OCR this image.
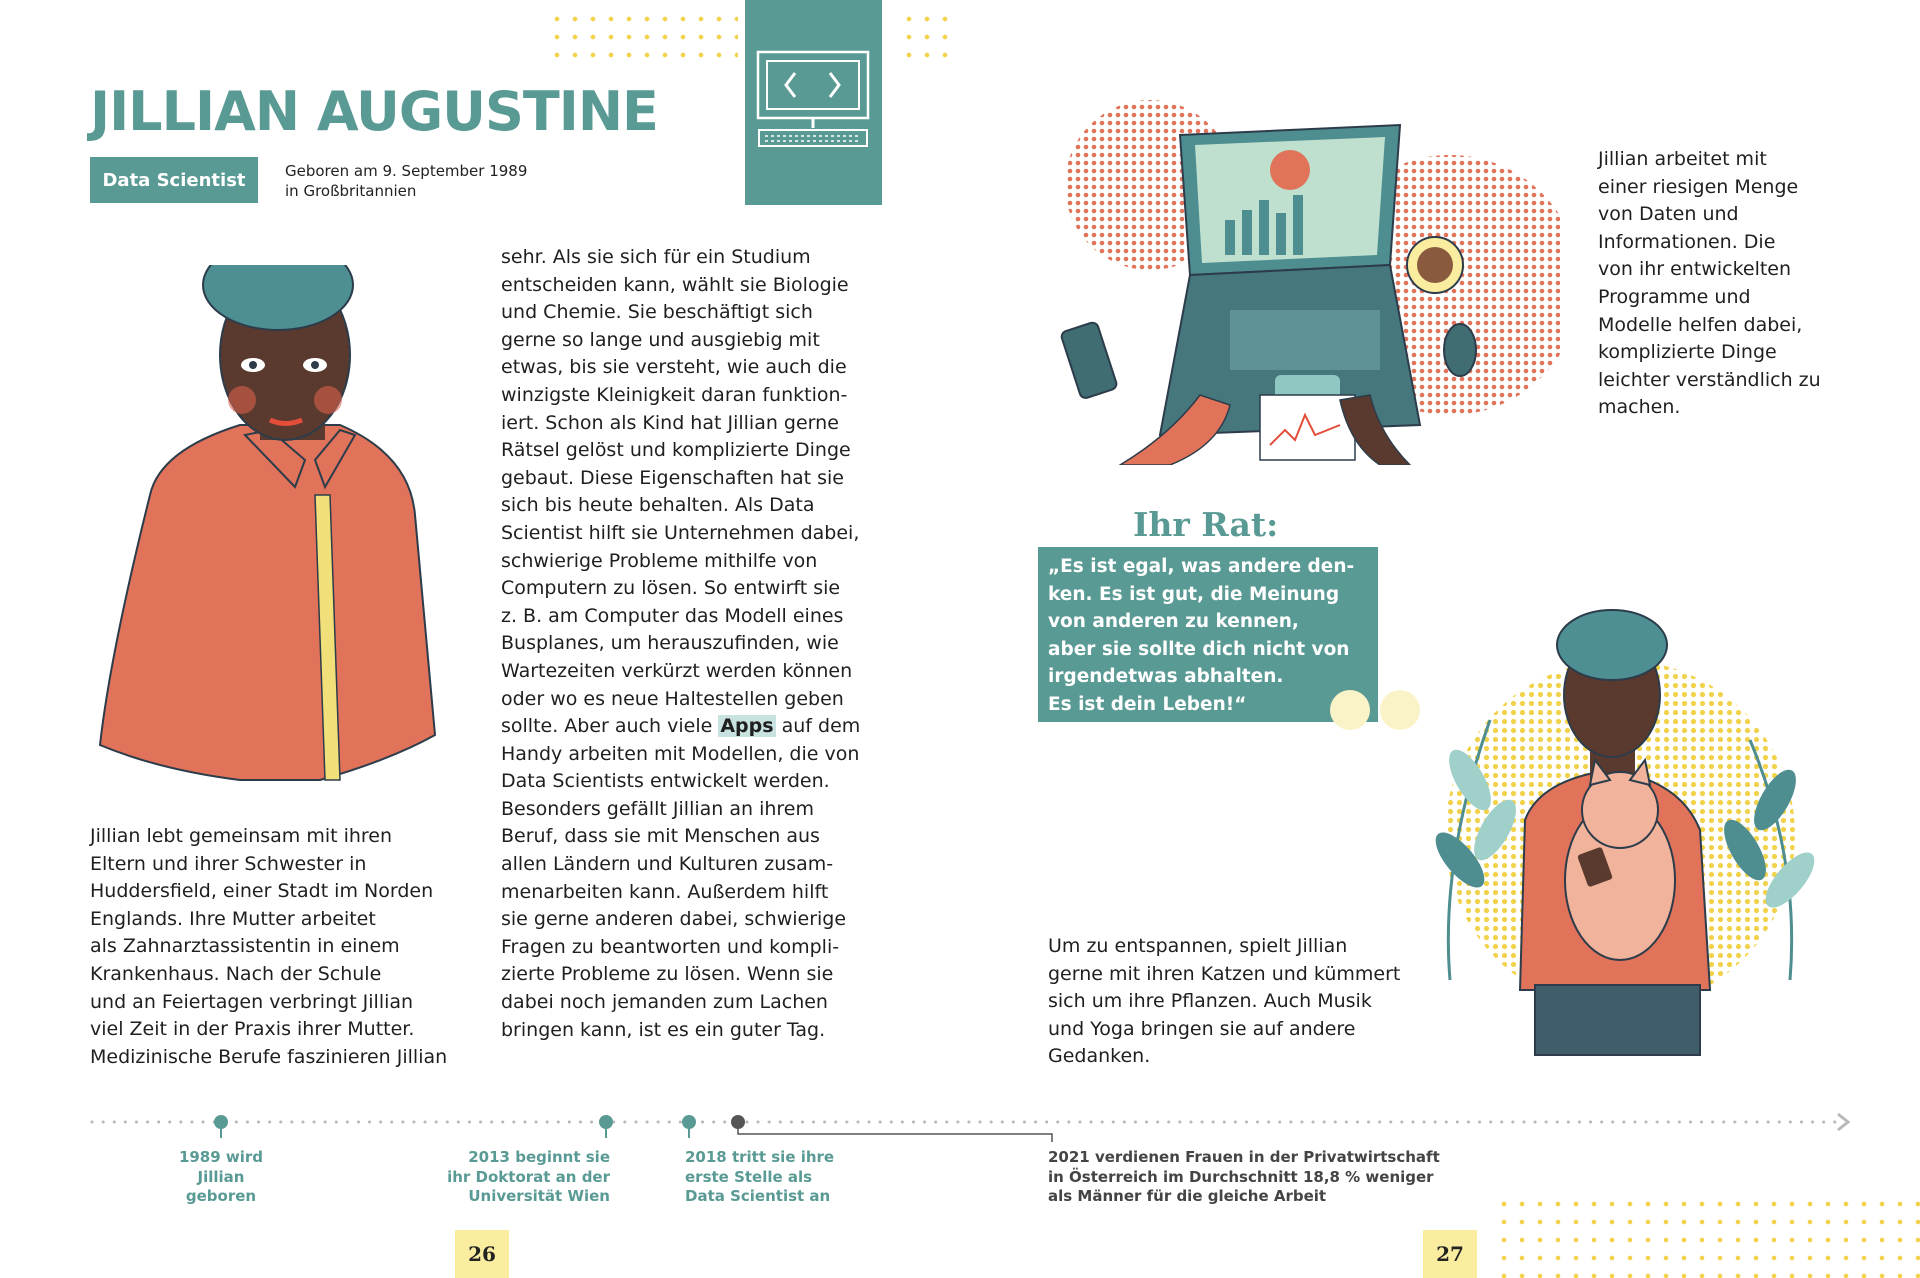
JILLIAN AUGUSTINE
Data Scientist	Geboren am 9. September 1989
in Großbritannien
Jillian lebt gemeinsam mit ihren
Eltern und ihrer Schwester in
Huddersfield, einer Stadt im Norden
Englands. Ihre Mutter arbeitet
als Zahnarztassistentin in einem
Krankenhaus. Nach der Schule
und an Feiertagen verbringt Jillian
viel Zeit in der Praxis ihrer Mutter.
Medizinische Berufe faszinieren Jillian
sehr. Als sie sich für ein Studium
entscheiden kann, wählt sie Biologie
und Chemie. Sie beschäftigt sich
gerne so lange und ausgiebig mit
etwas, bis sie versteht, wie auch die
winzigste Kleinigkeit daran funktion-
iert. Schon als Kind hat Jillian gerne
Rätsel gelöst und komplizierte Dinge
gebaut. Diese Eigenschaften hat sie
sich bis heute behalten. Als Data
Scientist hilft sie Unternehmen dabei,
schwierige Probleme mithilfe von
Computern zu lösen. So entwirft sie
z. B. am Computer das Modell eines
Busplanes, um herauszufinden, wie
Wartezeiten verkürzt werden können
oder wo es neue Haltestellen geben
sollte. Aber auch viele Apps auf dem
Handy arbeiten mit Modellen, die von
Data Scientists entwickelt werden.
Besonders gefällt Jillian an ihrem
Beruf, dass sie mit Menschen aus
allen Ländern und Kulturen zusam-
menarbeiten kann. Außerdem hilft
sie gerne anderen dabei, schwierige
Fragen zu beantworten und kompli-
zierte Probleme zu lösen. Wenn sie
dabei noch jemanden zum Lachen
bringen kann, ist es ein guter Tag.
Jillian arbeitet mit
einer riesigen Menge
von Daten und
Informationen. Die
von ihr entwickelten
Programme und
Modelle helfen dabei,
komplizierte Dinge
leichter verständlich zu
machen.
Ihr Rat:
„Es ist egal, was andere den-
ken. Es ist gut, die Meinung
von anderen zu kennen,
aber sie sollte dich nicht von
irgendetwas abhalten.
Es ist dein Leben!“
Um zu entspannen, spielt Jillian
gerne mit ihren Katzen und kümmert
sich um ihre Pflanzen. Auch Musik
und Yoga bringen sie auf andere
Gedanken.
1989 wird
Jillian
geboren
2013 beginnt sie
ihr Doktorat an der
Universität Wien
2018 tritt sie ihre
erste Stelle als
Data Scientist an
2021 verdienen Frauen in der Privatwirtschaft
in Österreich im Durchschnitt 18,8 % weniger
als Männer für die gleiche Arbeit
26	27
